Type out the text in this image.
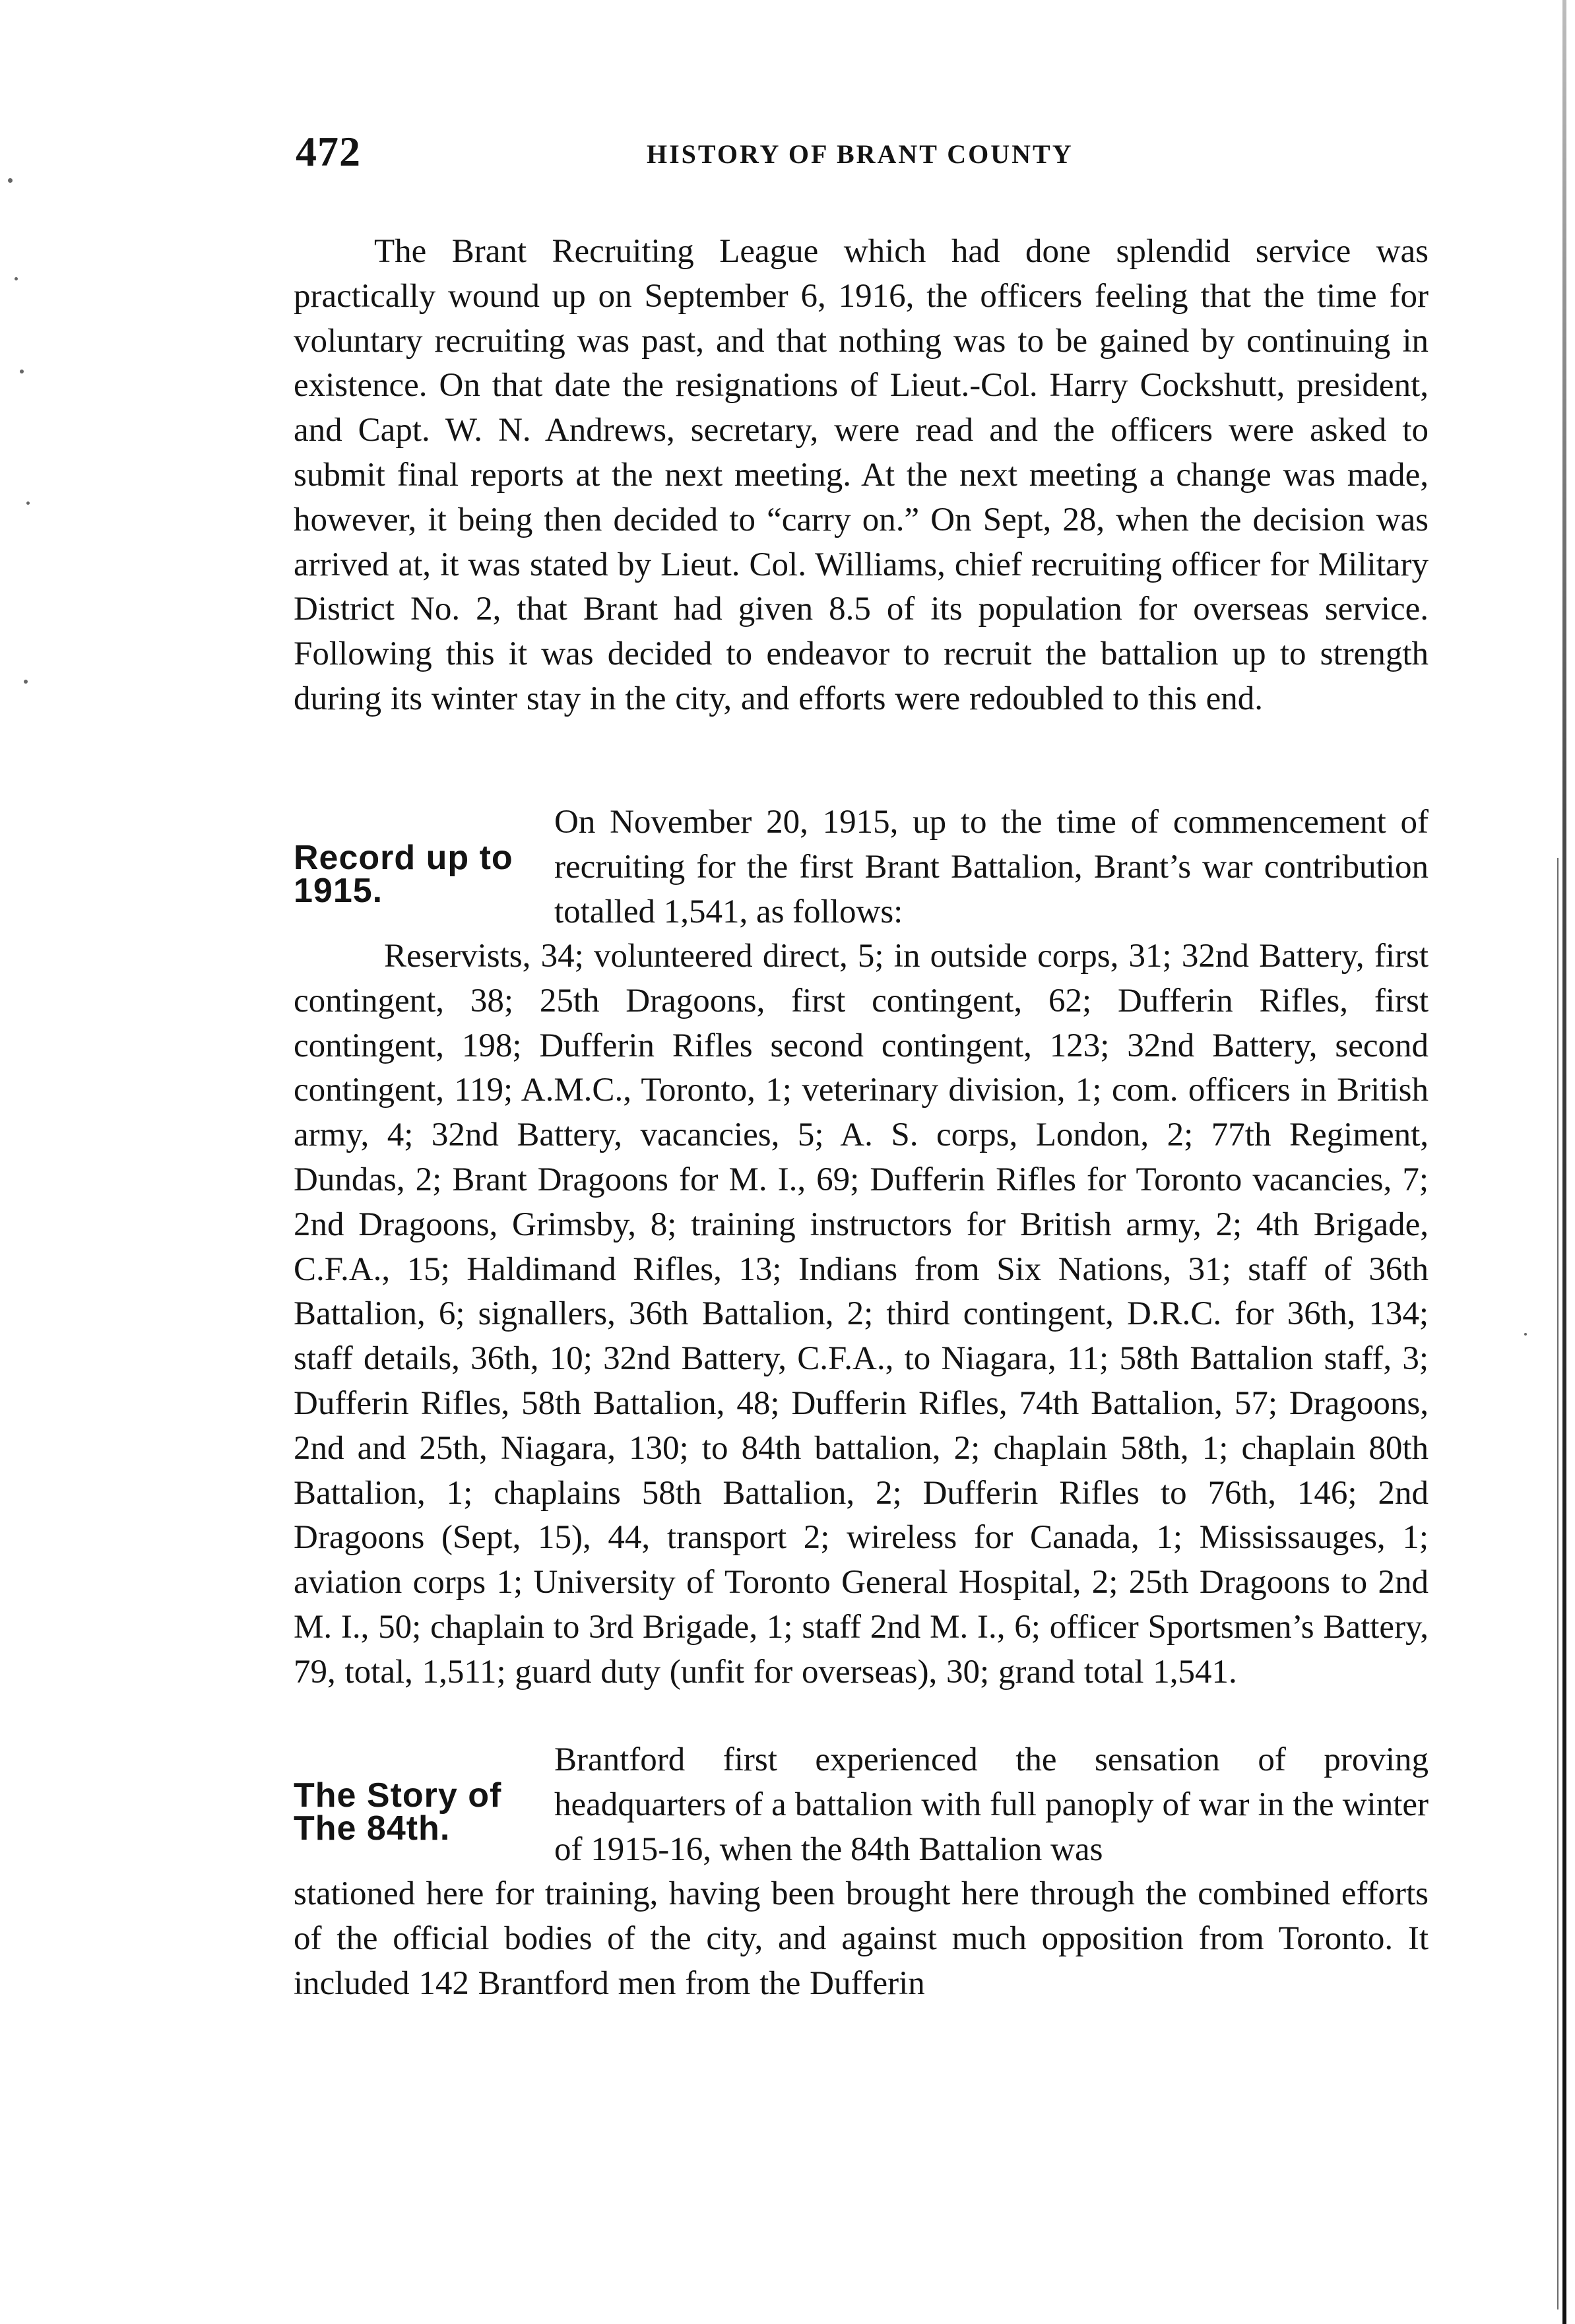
472	HISTORY OF BRANT COUNTY
The Brant Recruiting League which had done splendid service was practically wound up on September 6, 1916, the officers feeling that the time for voluntary recruiting was past, and that nothing was to be gained by continuing in existence. On that date the resignations of Lieut.-Col. Harry Cockshutt, president, and Capt. W. N. Andrews, secretary, were read and the officers were asked to submit final reports at the next meeting. At the next meeting a change was made, however, it being then decided to “carry on.” On Sept, 28, when the decision was arrived at, it was stated by Lieut. Col. Williams, chief recruiting officer for Military District No. 2, that Brant had given 8.5 of its population for overseas service. Following this it was decided to endeavor to recruit the battalion up to strength during its winter stay in the city, and efforts were redoubled to this end.
Record up to 1915.
On November 20, 1915, up to the time of commencement of recruiting for the first Brant Battalion, Brant’s war contribution totalled 1,541, as follows:
Reservists, 34; volunteered direct, 5; in outside corps, 31; 32nd Battery, first contingent, 38; 25th Dragoons, first contingent, 62; Dufferin Rifles, first contingent, 198; Dufferin Rifles second contingent, 123; 32nd Battery, second contingent, 119; A.M.C., Toronto, 1; veterinary division, 1; com. officers in British army, 4; 32nd Battery, vacancies, 5; A. S. corps, London, 2; 77th Regiment, Dundas, 2; Brant Dragoons for M. I., 69; Dufferin Rifles for Toronto vacancies, 7; 2nd Dragoons, Grimsby, 8; training instructors for British army, 2; 4th Brigade, C.F.A., 15; Haldimand Rifles, 13; Indians from Six Nations, 31; staff of 36th Battalion, 6; signallers, 36th Battalion, 2; third contingent, D.R.C. for 36th, 134; staff details, 36th, 10; 32nd Battery, C.F.A., to Niagara, 11; 58th Battalion staff, 3; Dufferin Rifles, 58th Battalion, 48; Dufferin Rifles, 74th Battalion, 57; Dragoons, 2nd and 25th, Niagara, 130; to 84th battalion, 2; chaplain 58th, 1; chaplain 80th Battalion, 1; chaplains 58th Battalion, 2; Dufferin Rifles to 76th, 146; 2nd Dragoons (Sept, 15), 44, transport 2; wireless for Canada, 1; Mississauges, 1; aviation corps 1; University of Toronto General Hospital, 2; 25th Dragoons to 2nd M. I., 50; chaplain to 3rd Brigade, 1; staff 2nd M. I., 6; officer Sportsmen’s Battery, 79, total, 1,511; guard duty (unfit for overseas), 30; grand total 1,541.
The Story of The 84th.
Brantford first experienced the sensation of proving headquarters of a battalion with full panoply of war in the winter of 1915-16, when the 84th Battalion was
stationed here for training, having been brought here through the combined efforts of the official bodies of the city, and against much opposition from Toronto. It included 142 Brantford men from the Dufferin
